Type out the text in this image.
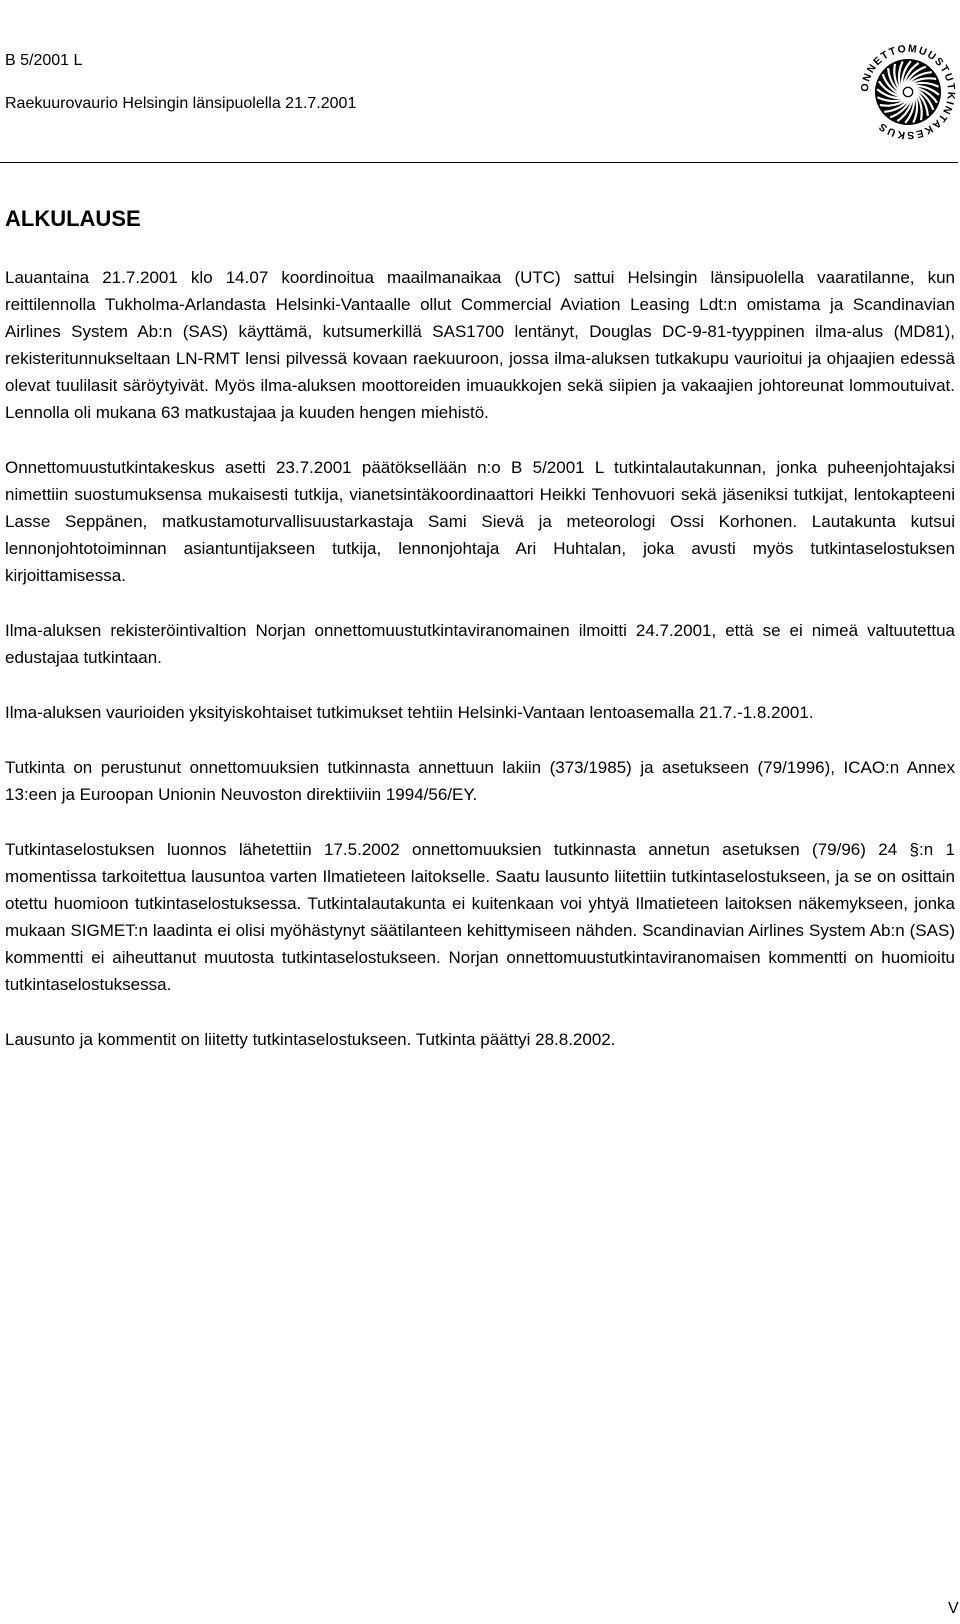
B 5/2001 L
Raekuurovaurio Helsingin länsipuolella 21.7.2001
ONNETTOMUUSTUTKINTAKESKUS
ALKULAUSE

Lauantaina 21.7.2001 klo 14.07 koordinoitua maailmanaikaa (UTC) sattui Helsingin länsipuolella vaaratilanne, kun reittilennolla Tukholma-Arlandasta Helsinki-Vantaalle ollut Commercial Aviation Leasing Ldt:n omistama ja Scandinavian Airlines System Ab:n (SAS) käyttämä, kutsumerkillä SAS1700 lentänyt, Douglas DC-9-81-tyyppinen ilma-alus (MD81), rekisteritunnukseltaan LN-RMT lensi pilvessä kovaan raekuuroon, jossa ilma-aluksen tutkakupu vaurioitui ja ohjaajien edessä olevat tuulilasit säröytyivät. Myös ilma-aluksen moottoreiden imuaukkojen sekä siipien ja vakaajien johtoreunat lommoutuivat. Lennolla oli mukana 63 matkustajaa ja kuuden hengen miehistö.

Onnettomuustutkintakeskus asetti 23.7.2001 päätöksellään n:o B 5/2001 L tutkintalautakunnan, jonka puheenjohtajaksi nimettiin suostumuksensa mukaisesti tutkija, vianetsintäkoordinaattori Heikki Tenhovuori sekä jäseniksi tutkijat, lentokapteeni Lasse Seppänen, matkustamoturvallisuustarkastaja Sami Sievä ja meteorologi Ossi Korhonen. Lautakunta kutsui lennonjohtotoiminnan asiantuntijakseen tutkija, lennonjohtaja Ari Huhtalan, joka avusti myös tutkintaselostuksen kirjoittamisessa.

Ilma-aluksen rekisteröintivaltion Norjan onnettomuustutkintaviranomainen ilmoitti 24.7.2001, että se ei nimeä valtuutettua edustajaa tutkintaan.

Ilma-aluksen vaurioiden yksityiskohtaiset tutkimukset tehtiin Helsinki-Vantaan lentoasemalla 21.7.-1.8.2001.

Tutkinta on perustunut onnettomuuksien tutkinnasta annettuun lakiin (373/1985) ja asetukseen (79/1996), ICAO:n Annex 13:een ja Euroopan Unionin Neuvoston direktiiviin 1994/56/EY.

Tutkintaselostuksen luonnos lähetettiin 17.5.2002 onnettomuuksien tutkinnasta annetun asetuksen (79/96) 24 §:n 1 momentissa tarkoitettua lausuntoa varten Ilmatieteen laitokselle. Saatu lausunto liitettiin tutkintaselostukseen, ja se on osittain otettu huomioon tutkintaselostuksessa. Tutkintalautakunta ei kuitenkaan voi yhtyä Ilmatieteen laitoksen näkemykseen, jonka mukaan SIGMET:n laadinta ei olisi myöhästynyt säätilanteen kehittymiseen nähden. Scandinavian Airlines System Ab:n (SAS) kommentti ei aiheuttanut muutosta tutkintaselostukseen. Norjan onnettomuustutkintaviranomaisen kommentti on huomioitu tutkintaselostuksessa.

Lausunto ja kommentit on liitetty tutkintaselostukseen. Tutkinta päättyi 28.8.2002.

V
